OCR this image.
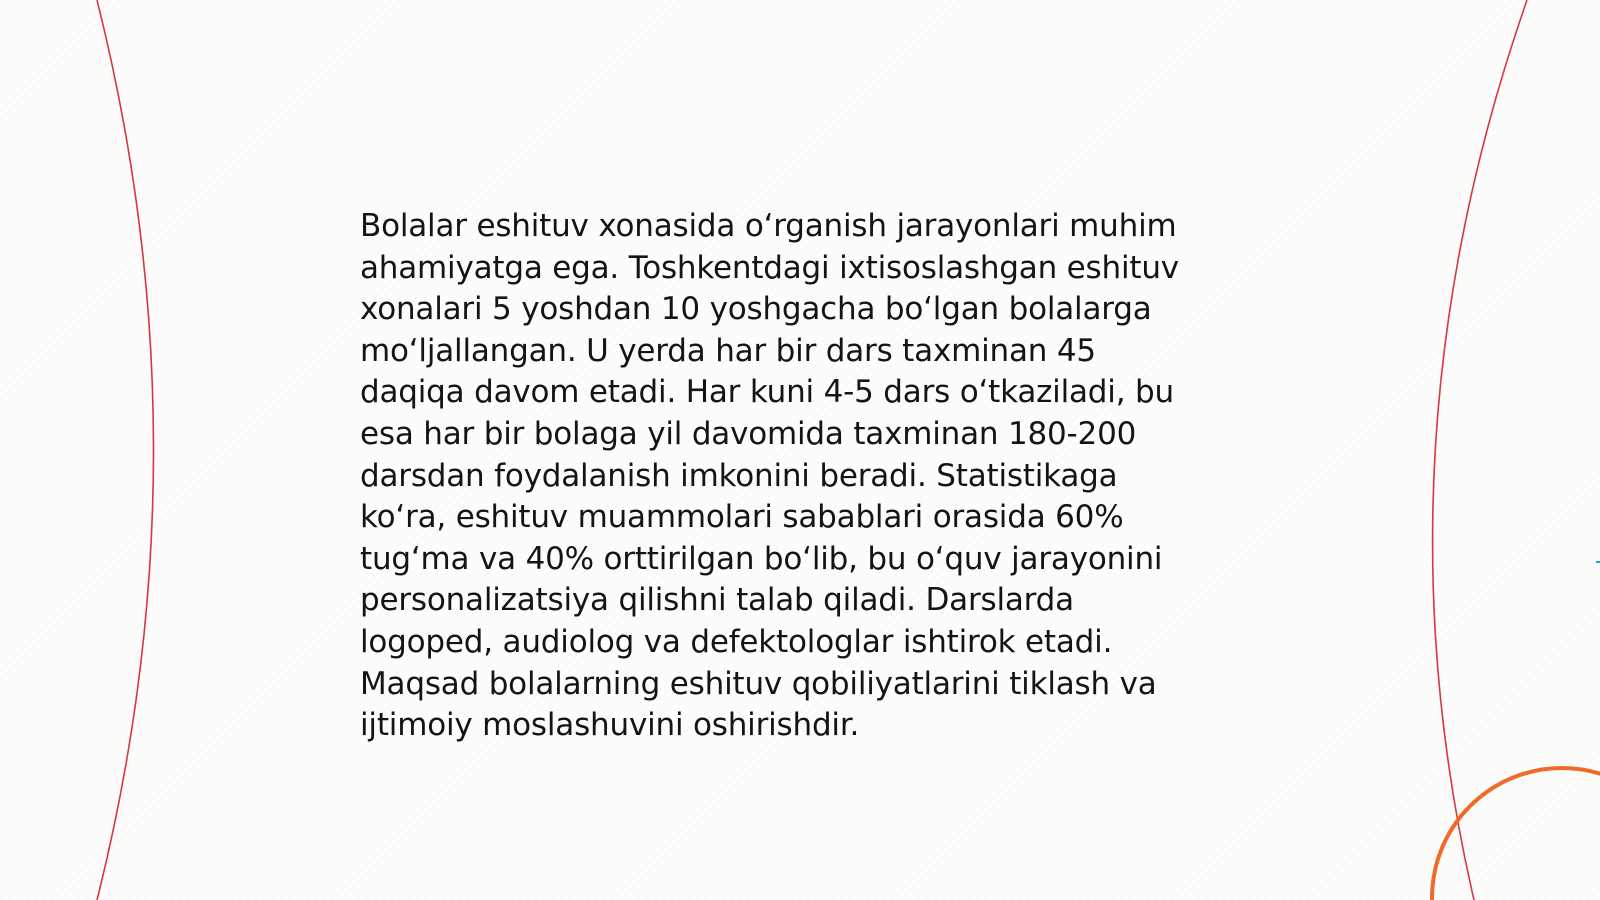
Bolalar eshituv xonasida o‘rganish jarayonlari muhim
ahamiyatga ega. Toshkentdagi ixtisoslashgan eshituv
xonalari 5 yoshdan 10 yoshgacha bo‘lgan bolalarga
mo‘ljallangan. U yerda har bir dars taxminan 45
daqiqa davom etadi. Har kuni 4-5 dars o‘tkaziladi, bu
esa har bir bolaga yil davomida taxminan 180-200
darsdan foydalanish imkonini beradi. Statistikaga
ko‘ra, eshituv muammolari sabablari orasida 60%
tug‘ma va 40% orttirilgan bo‘lib, bu o‘quv jarayonini
personalizatsiya qilishni talab qiladi. Darslarda
logoped, audiolog va defektologlar ishtirok etadi.
Maqsad bolalarning eshituv qobiliyatlarini tiklash va
ijtimoiy moslashuvini oshirishdir.
